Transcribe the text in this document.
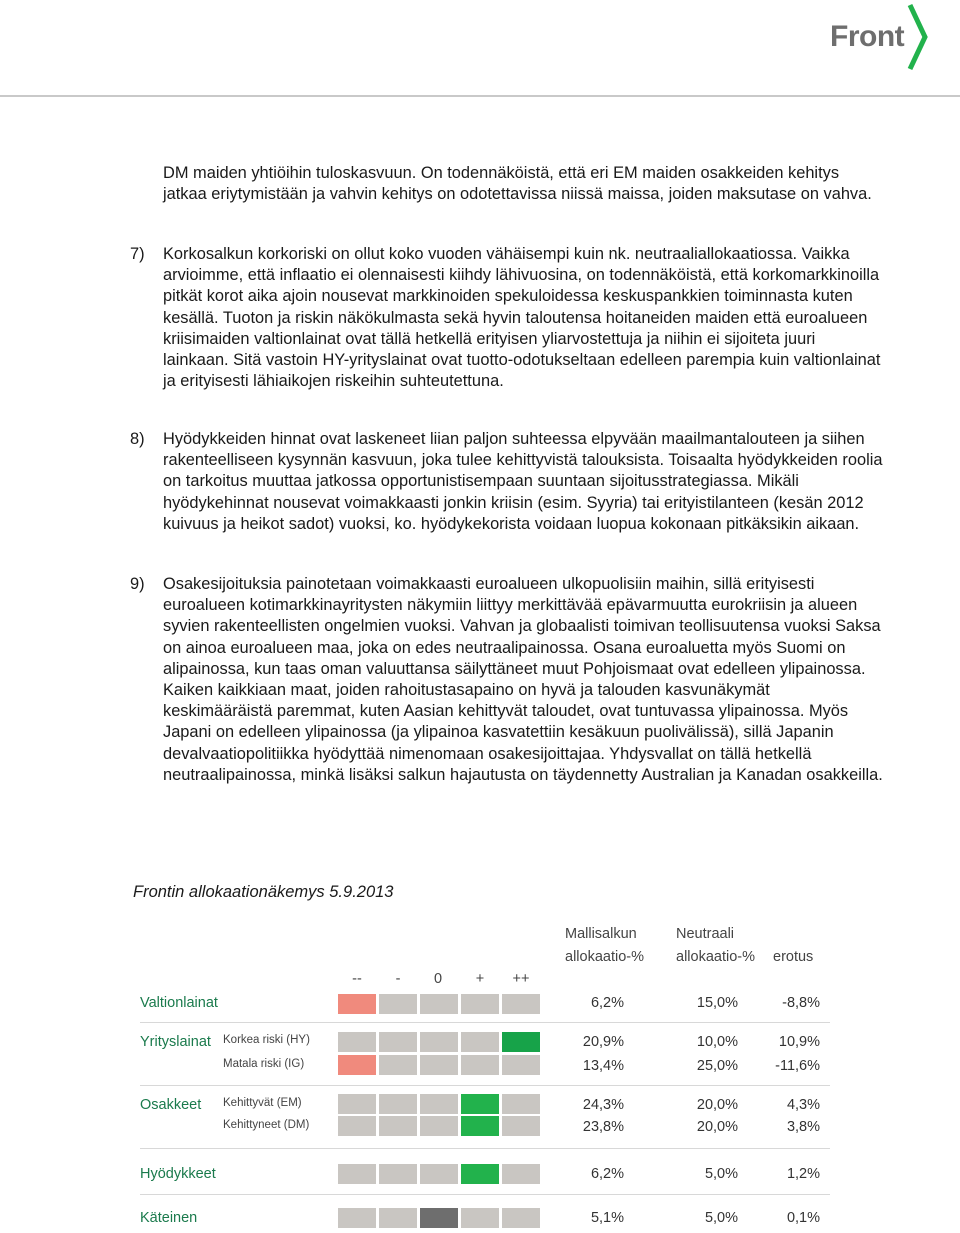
Front
DM maiden yhtiöihin tuloskasvuun. On todennäköistä, että eri EM maiden osakkeiden kehitys jatkaa eriytymistään ja vahvin kehitys on odotettavissa niissä maissa, joiden maksutase on vahva.
7)	Korkosalkun korkoriski on ollut koko vuoden vähäisempi kuin nk. neutraaliallokaatiossa. Vaikka arvioimme, että inflaatio ei olennaisesti kiihdy lähivuosina, on todennäköistä, että korkomarkkinoilla pitkät korot aika ajoin nousevat markkinoiden spekuloidessa keskuspankkien toiminnasta kuten kesällä. Tuoton ja riskin näkökulmasta sekä hyvin taloutensa hoitaneiden maiden että euroalueen kriisimaiden valtionlainat ovat tällä hetkellä erityisen yliarvostettuja ja niihin ei sijoiteta juuri lainkaan. Sitä vastoin HY-yrityslainat ovat tuotto-odotukseltaan edelleen parempia kuin valtionlainat ja erityisesti lähiaikojen riskeihin suhteutettuna.
8)	Hyödykkeiden hinnat ovat laskeneet liian paljon suhteessa elpyvään maailmantalouteen ja siihen rakenteelliseen kysynnän kasvuun, joka tulee kehittyvistä talouksista. Toisaalta hyödykkeiden roolia on tarkoitus muuttaa jatkossa opportunistisempaan suuntaan sijoitusstrategiassa. Mikäli hyödykehinnat nousevat voimakkaasti jonkin kriisin (esim. Syyria) tai erityistilanteen (kesän 2012 kuivuus ja heikot sadot) vuoksi, ko. hyödykekorista voidaan luopua kokonaan pitkäksikin aikaan.
9)	Osakesijoituksia painotetaan voimakkaasti euroalueen ulkopuolisiin maihin, sillä erityisesti euroalueen kotimarkkinayritysten näkymiin liittyy merkittävää epävarmuutta eurokriisin ja alueen syvien rakenteellisten ongelmien vuoksi. Vahvan ja globaalisti toimivan teollisuutensa vuoksi Saksa on ainoa euroalueen maa, joka on edes neutraalipainossa. Osana euroaluetta myös Suomi on alipainossa, kun taas oman valuuttansa säilyttäneet muut Pohjoismaat ovat edelleen ylipainossa. Kaiken kaikkiaan maat, joiden rahoitustasapaino on hyvä ja talouden kasvunäkymät keskimääräistä paremmat, kuten Aasian kehittyvät taloudet, ovat tuntuvassa ylipainossa. Myös Japani on edelleen ylipainossa (ja ylipainoa kasvatettiin kesäkuun puolivälissä), sillä Japanin devalvaatiopolitiikka hyödyttää nimenomaan osakesijoittajaa. Yhdysvallat on tällä hetkellä neutraalipainossa, minkä lisäksi salkun hajautusta on täydennetty Australian ja Kanadan osakkeilla.
Frontin allokaationäkemys 5.9.2013
Mallisalkun
allokaatio-%
Neutraali
allokaatio-% erotus
--	-	0	+	++
Valtionlainat	6,2%	15,0%	-8,8%
Yrityslainat Korkea riski (HY)	20,9%	10,0%	10,9%
Matala riski (IG)	13,4%	25,0%	-11,6%
Osakkeet Kehittyvät (EM)	24,3%	20,0%	4,3%
Kehittyneet (DM)	23,8%	20,0%	3,8%
Hyödykkeet	6,2%	5,0%	1,2%
Käteinen	5,1%	5,0%	0,1%
